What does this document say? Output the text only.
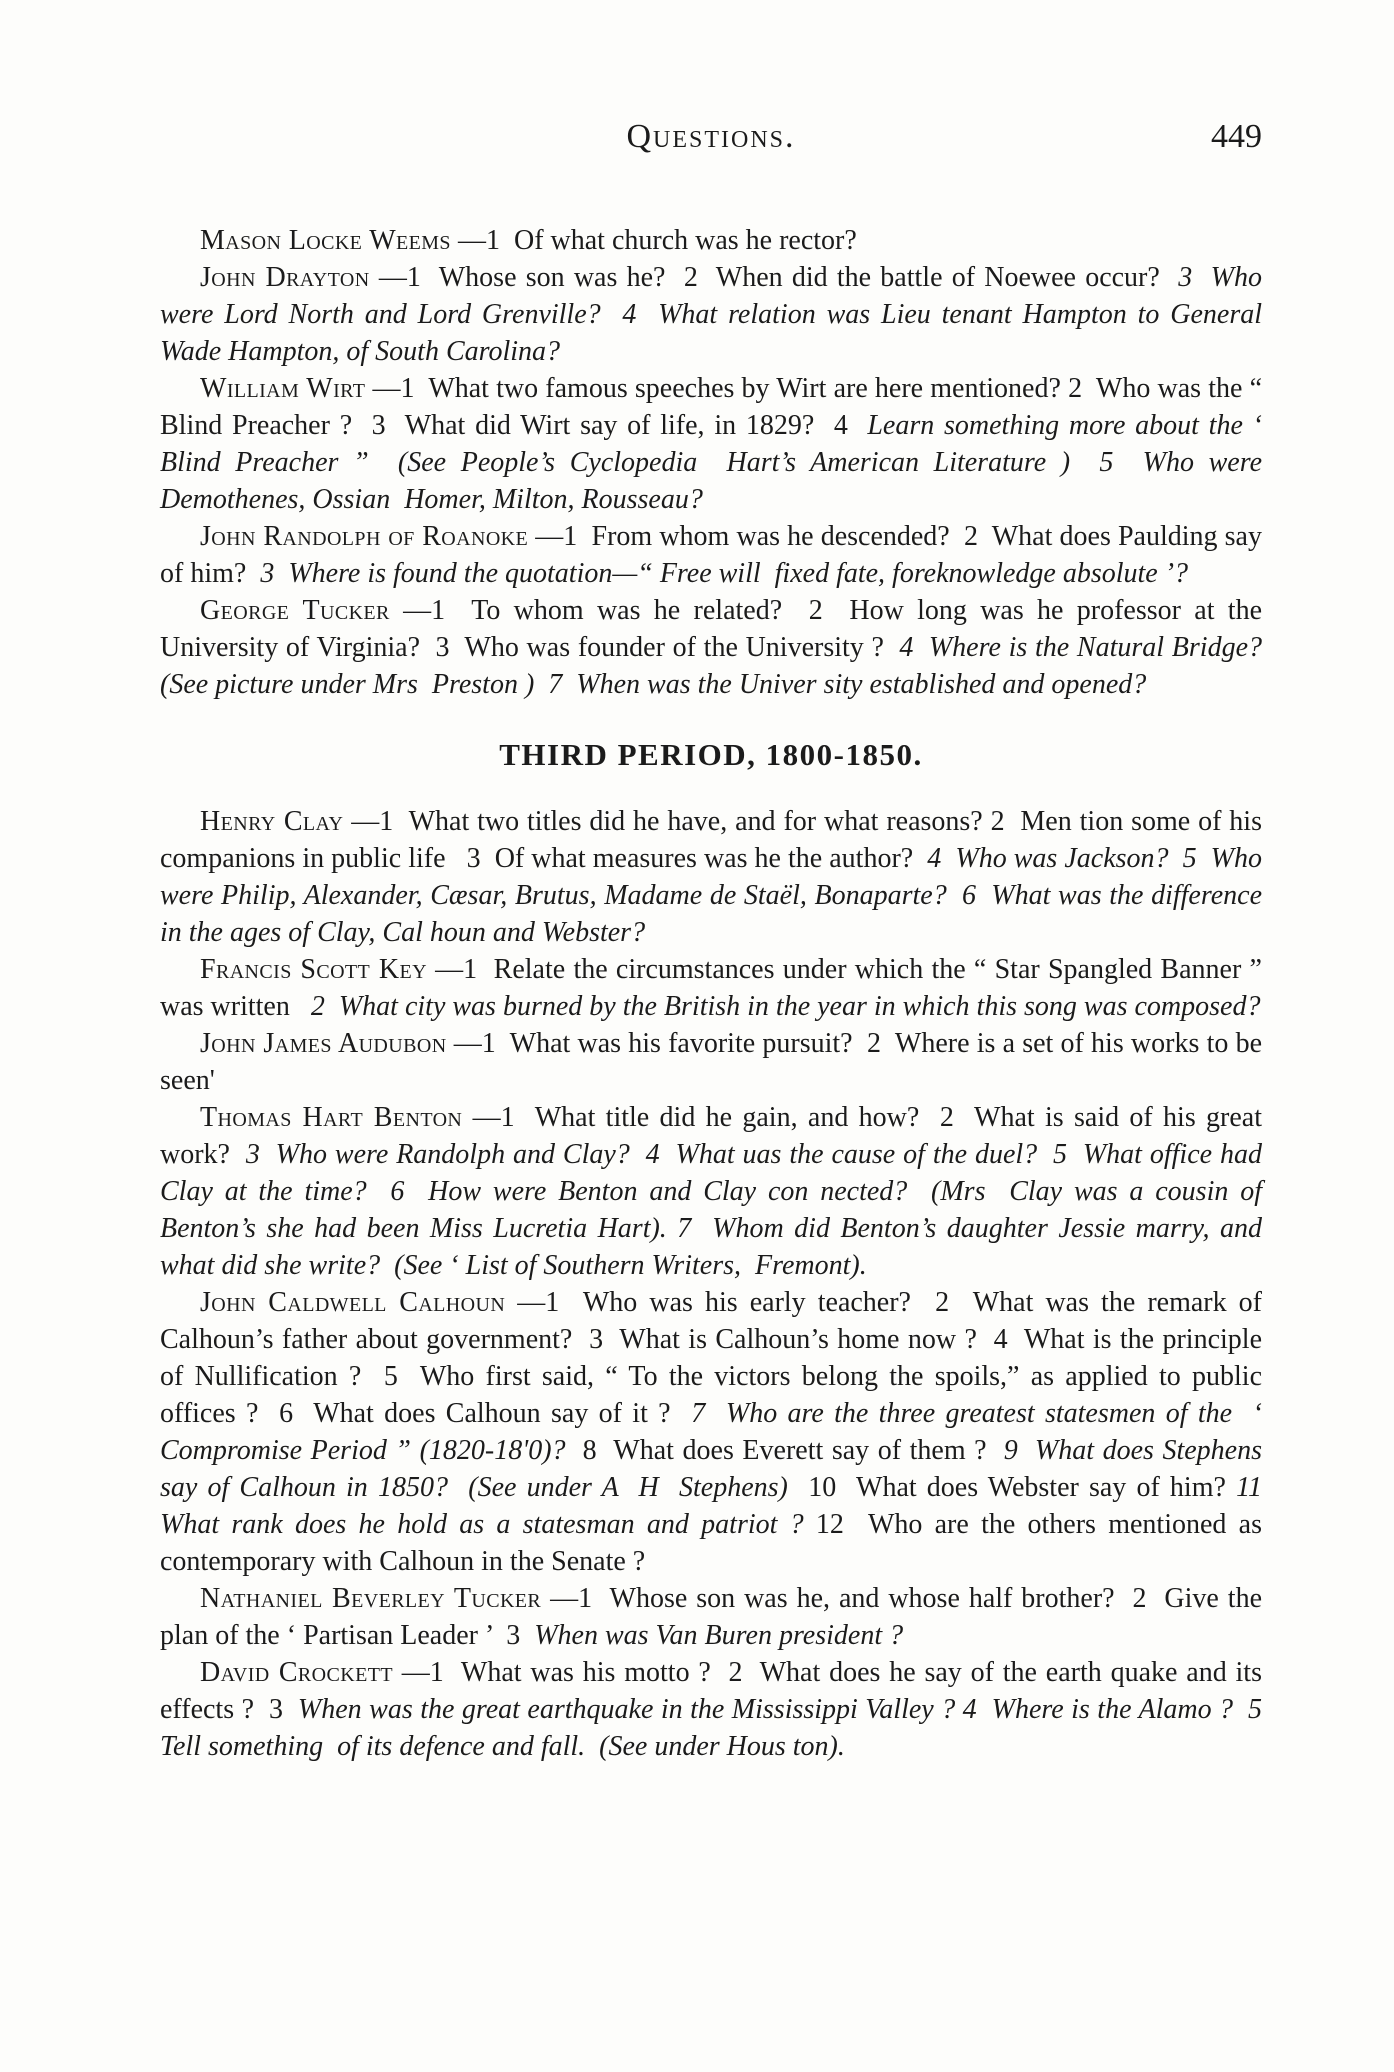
Questions.	449

Mason Locke Weems —1  Of what church was he rector?

John Drayton —1  Whose son was he?  2  When did the battle of Noewee occur?  3  Who were Lord North and Lord Grenville?  4  What relation was Lieu tenant Hampton to General Wade Hampton, of South Carolina?

William Wirt —1  What two famous speeches by Wirt are here mentioned? 2  Who was the “ Blind Preacher ?  3  What did Wirt say of life, in 1829?  4  Learn something more about the ‘ Blind Preacher ”  (See People’s Cyclopedia  Hart’s American Literature )  5  Who were Demothenes, Ossian  Homer, Milton, Rousseau?

John Randolph of Roanoke —1  From whom was he descended?  2  What does Paulding say of him?  3  Where is found the quotation—“ Free will  fixed fate, foreknowledge absolute ’?

George Tucker —1  To whom was he related?  2  How long was he professor at the University of Virginia?  3  Who was founder of the University ?  4  Where is the Natural Bridge?  (See picture under Mrs  Preston )  7  When was the Univer sity established and opened?

THIRD PERIOD, 1800-1850.

Henry Clay —1  What two titles did he have, and for what reasons? 2  Men tion some of his companions in public life   3  Of what measures was he the author?  4  Who was Jackson?  5  Who were Philip, Alexander, Cæsar, Brutus, Madame de Staël, Bonaparte?  6  What was the difference in the ages of Clay, Cal houn and Webster?

Francis Scott Key —1  Relate the circumstances under which the “ Star Spangled Banner ” was written   2  What city was burned by the British in the year in which this song was composed?

John James Audubon —1  What was his favorite pursuit?  2  Where is a set of his works to be seen'

Thomas Hart Benton —1  What title did he gain, and how?  2  What is said of his great work?  3  Who were Randolph and Clay?  4  What uas the cause of the duel?  5  What office had Clay at the time?  6  How were Benton and Clay con nected?  (Mrs  Clay was a cousin of Benton’s she had been Miss Lucretia Hart). 7  Whom did Benton’s daughter Jessie marry, and what did she write?  (See ‘ List of Southern Writers,  Fremont).

John Caldwell Calhoun —1  Who was his early teacher?  2  What was the remark of Calhoun’s father about government?  3  What is Calhoun’s home now ?  4  What is the principle of Nullification ?  5  Who first said, “ To the victors belong the spoils,” as applied to public offices ?  6  What does Calhoun say of it ?  7  Who are the three greatest statesmen of the  ‘ Compromise Period ” (1820-18'0)?  8  What does Everett say of them ?  9  What does Stephens say of Calhoun in 1850?  (See under A  H  Stephens)  10  What does Webster say of him? 11  What rank does he hold as a statesman and patriot ? 12  Who are the others mentioned as contemporary with Calhoun in the Senate ?

Nathaniel Beverley Tucker —1  Whose son was he, and whose half brother?  2  Give the plan of the ‘ Partisan Leader ’  3  When was Van Buren president ?

David Crockett —1  What was his motto ?  2  What does he say of the earth quake and its effects ?  3  When was the great earthquake in the Mississippi Valley ? 4  Where is the Alamo ?  5  Tell something  of its defence and fall.  (See under Hous ton).
